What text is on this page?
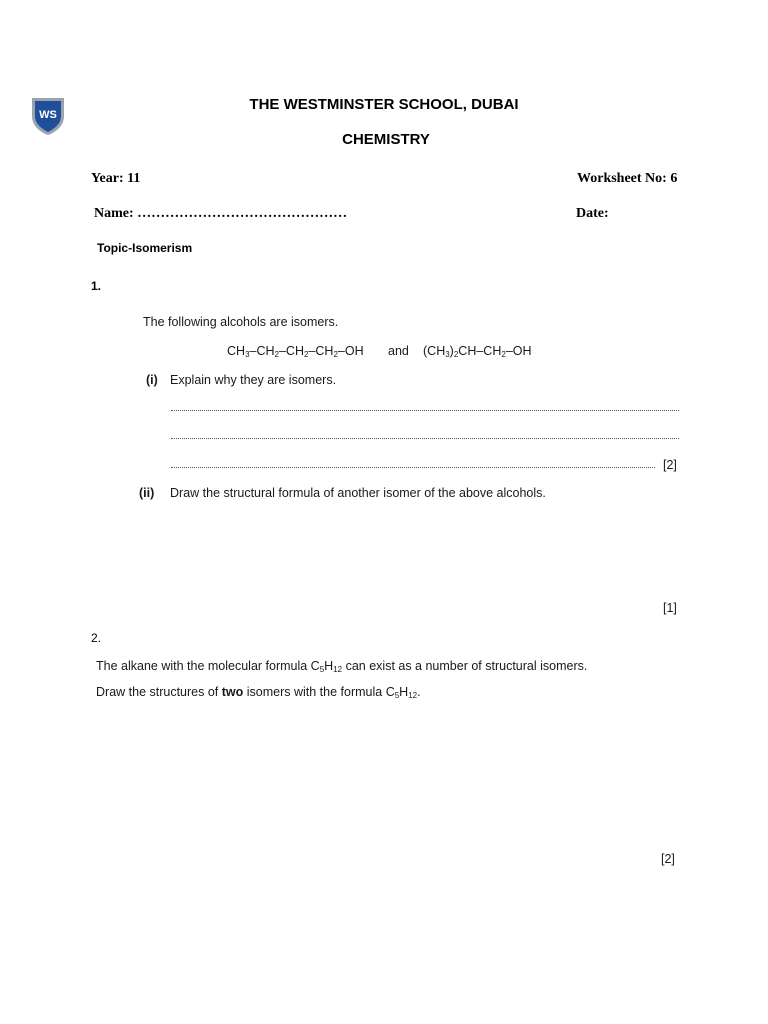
WS
THE WESTMINSTER SCHOOL, DUBAI
CHEMISTRY
Year: 11	Worksheet No: 6
Name: ………………………………………	Date:
Topic-Isomerism
1.
The following alcohols are isomers.
$CH_3-CH_2-CH_2-CH_2-OH$ and $(CH_3)_2CH-CH_2-OH$
(i) Explain why they are isomers.
[2]
(ii) Draw the structural formula of another isomer of the above alcohols.
[1]
2.
The alkane with the molecular formula $C_5H_{12}$ can exist as a number of structural isomers.
Draw the structures of two isomers with the formula $C_5H_{12}$.
[2]
